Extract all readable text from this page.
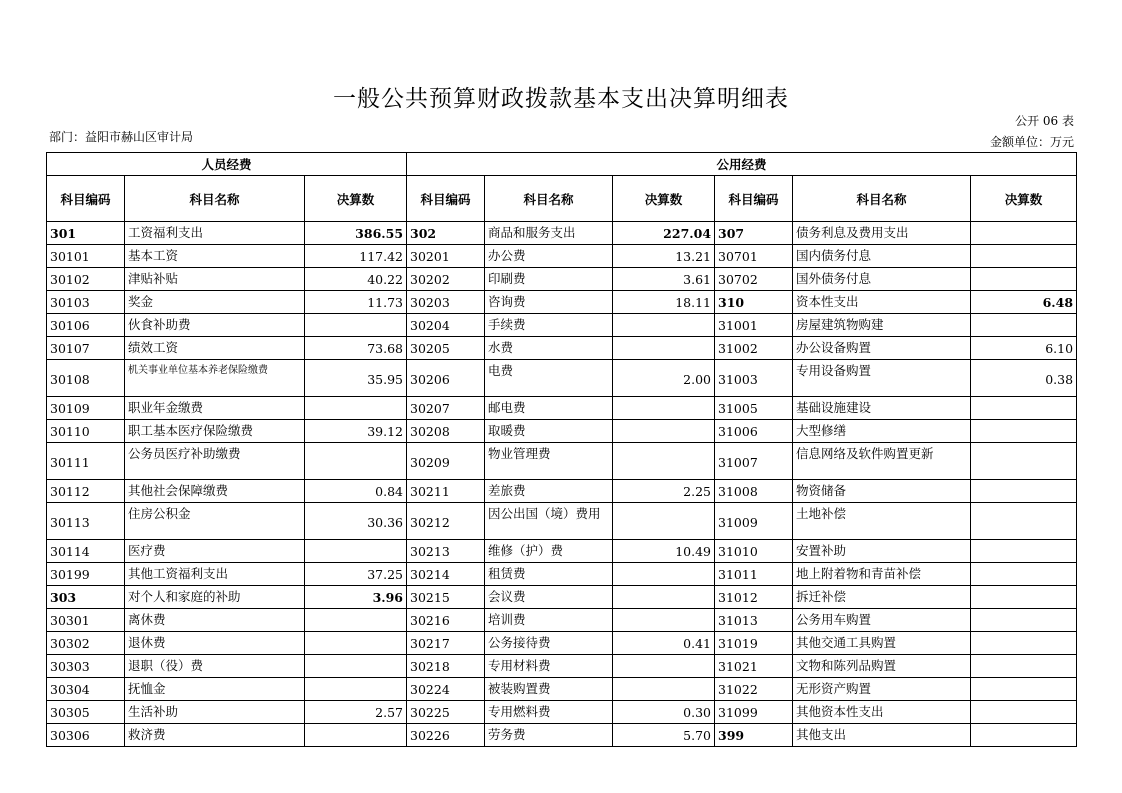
一般公共预算财政拨款基本支出决算明细表
公开 06 表
部门：益阳市赫山区审计局	金额单位：万元
人员经费			公用经费					
科目编码	科目名称	决算数	科目编码	科目名称	决算数	科目编码	科目名称	决算数
301	工资福利支出	386.55	302	商品和服务支出	227.04	307	债务利息及费用支出	
30101	基本工资	117.42	30201	办公费	13.21	30701	国内债务付息	
30102	津贴补贴	40.22	30202	印刷费	3.61	30702	国外债务付息	
30103	奖金	11.73	30203	咨询费	18.11	310	资本性支出	6.48
30106	伙食补助费		30204	手续费		31001	房屋建筑物购建	
30107	绩效工资	73.68	30205	水费		31002	办公设备购置	6.10
30108	机关事业单位基本养老保险缴费	35.95	30206	电费	2.00	31003	专用设备购置	0.38
30109	职业年金缴费		30207	邮电费		31005	基础设施建设	
30110	职工基本医疗保险缴费	39.12	30208	取暖费		31006	大型修缮	
30111	公务员医疗补助缴费		30209	物业管理费		31007	信息网络及软件购置更新	
30112	其他社会保障缴费	0.84	30211	差旅费	2.25	31008	物资储备	
30113	住房公积金	30.36	30212	因公出国（境）费用		31009	土地补偿	
30114	医疗费		30213	维修（护）费	10.49	31010	安置补助	
30199	其他工资福利支出	37.25	30214	租赁费		31011	地上附着物和青苗补偿	
303	对个人和家庭的补助	3.96	30215	会议费		31012	拆迁补偿	
30301	离休费		30216	培训费		31013	公务用车购置	
30302	退休费		30217	公务接待费	0.41	31019	其他交通工具购置	
30303	退职（役）费		30218	专用材料费		31021	文物和陈列品购置	
30304	抚恤金		30224	被装购置费		31022	无形资产购置	
30305	生活补助	2.57	30225	专用燃料费	0.30	31099	其他资本性支出	
30306	救济费		30226	劳务费	5.70	399	其他支出	
